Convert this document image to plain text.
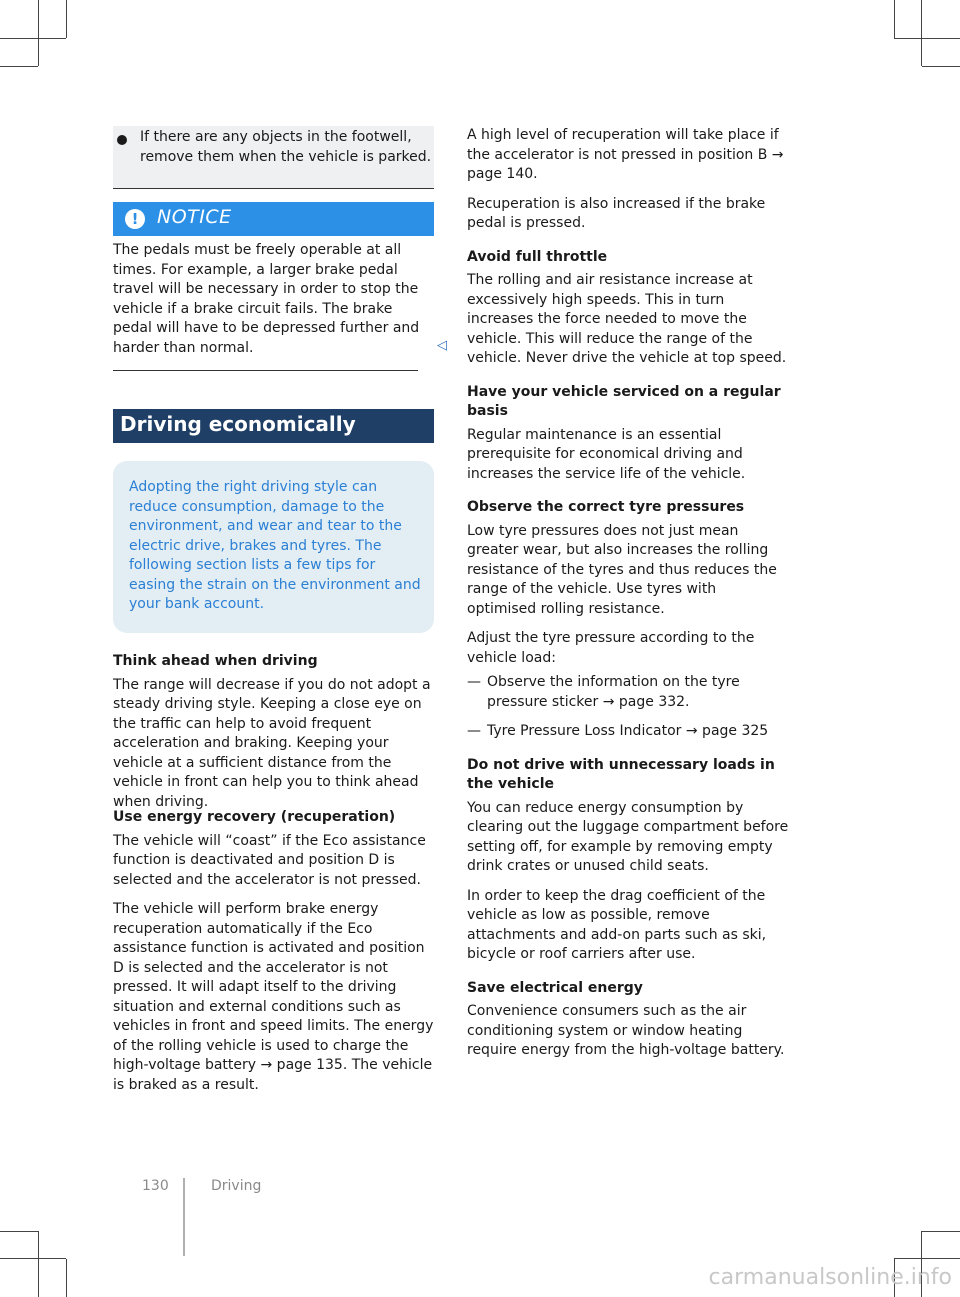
If there are any objects in the footwell, remove them when the vehicle is parked.
! NOTICE

The pedals must be freely operable at all times. For example, a larger brake pedal travel will be necessary in order to stop the vehicle if a brake circuit fails. The brake pedal will have to be depressed further and harder than normal.	◁
Driving economically
Adopting the right driving style can reduce consumption, damage to the environment, and wear and tear to the electric drive, brakes and tyres. The following section lists a few tips for easing the strain on the environment and your bank account.
Think ahead when driving

The range will decrease if you do not adopt a steady driving style. Keeping a close eye on the traffic can help to avoid frequent acceleration and braking. Keeping your vehicle at a sufficient distance from the vehicle in front can help you to think ahead when driving.

Use energy recovery (recuperation)

The vehicle will “coast” if the Eco assistance function is deactivated and position D is selected and the accelerator is not pressed.

The vehicle will perform brake energy recuperation automatically if the Eco assistance function is activated and position D is selected and the accelerator is not pressed. It will adapt itself to the driving situation and external conditions such as vehicles in front and speed limits. The energy of the rolling vehicle is used to charge the high-voltage battery → page 135. The vehicle is braked as a result.

A high level of recuperation will take place if the accelerator is not pressed in position B → page 140.

Recuperation is also increased if the brake pedal is pressed.

Avoid full throttle

The rolling and air resistance increase at excessively high speeds. This in turn increases the force needed to move the vehicle. This will reduce the range of the vehicle. Never drive the vehicle at top speed.

Have your vehicle serviced on a regular basis

Regular maintenance is an essential prerequisite for economical driving and increases the service life of the vehicle.

Observe the correct tyre pressures

Low tyre pressures does not just mean greater wear, but also increases the rolling resistance of the tyres and thus reduces the range of the vehicle. Use tyres with optimised rolling resistance.

Adjust the tyre pressure according to the vehicle load:

— Observe the information on the tyre pressure sticker → page 332.
— Tyre Pressure Loss Indicator → page 325
Do not drive with unnecessary loads in the vehicle

You can reduce energy consumption by clearing out the luggage compartment before setting off, for example by removing empty drink crates or unused child seats.

In order to keep the drag coefficient of the vehicle as low as possible, remove attachments and add-on parts such as ski, bicycle or roof carriers after use.

Save electrical energy

Convenience consumers such as the air conditioning system or window heating require energy from the high-voltage battery.

130	Driving
carmanualsonline.info
